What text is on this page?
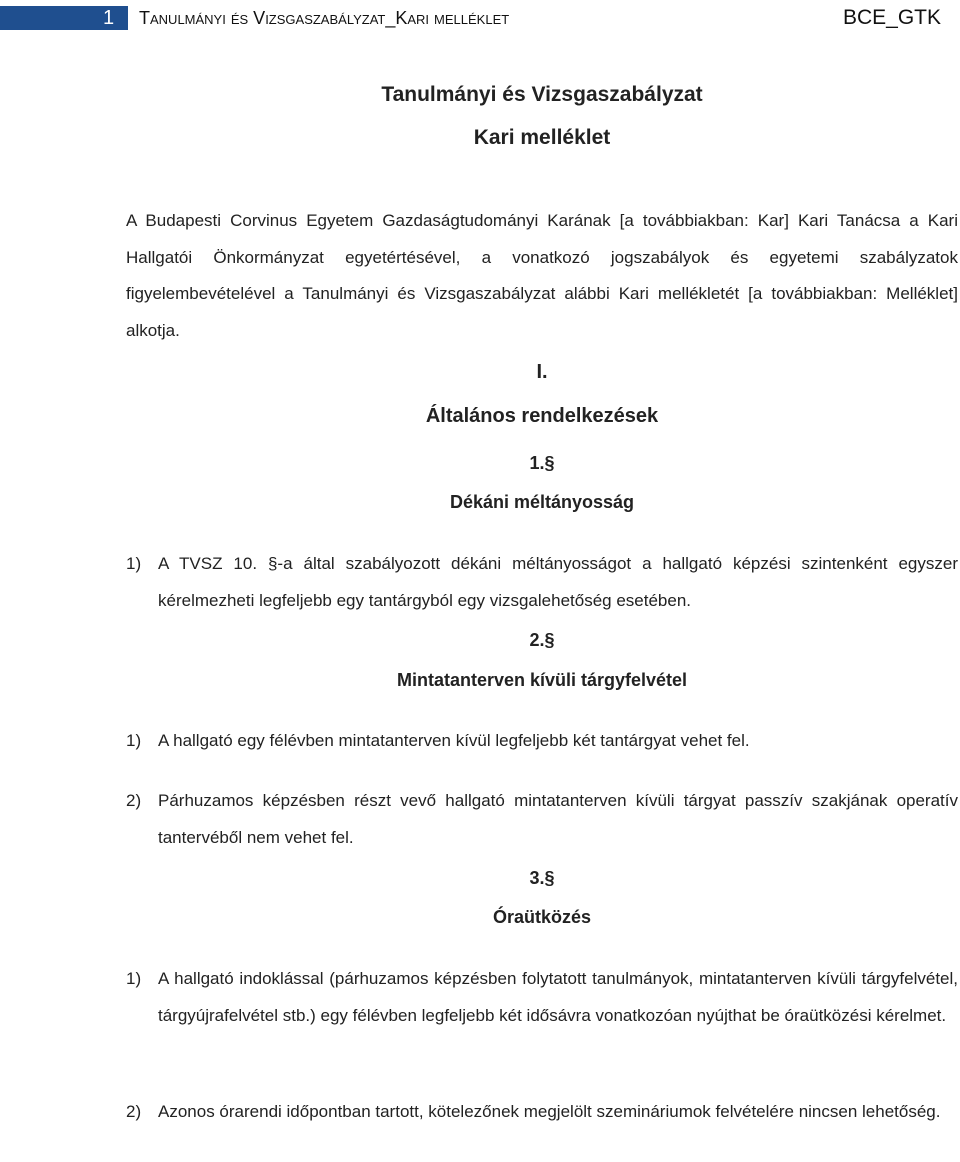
1 Tanulmányi és Vizsgaszabályzat_Kari melléklet	BCE_GTK
Tanulmányi és Vizsgaszabályzat
Kari melléklet
A Budapesti Corvinus Egyetem Gazdaságtudományi Karának [a továbbiakban: Kar] Kari Tanácsa a Kari Hallgatói Önkormányzat egyetértésével, a vonatkozó jogszabályok és egyetemi szabályzatok figyelembevételével a Tanulmányi és Vizsgaszabályzat alábbi Kari mellékletét [a továbbiakban: Melléklet] alkotja.
I.
Általános rendelkezések
1.§
Dékáni méltányosság
1) A TVSZ 10. §-a által szabályozott dékáni méltányosságot a hallgató képzési szintenként egyszer kérelmezheti legfeljebb egy tantárgyból egy vizsgalehetőség esetében.
2.§
Mintatanterven kívüli tárgyfelvétel
1) A hallgató egy félévben mintatanterven kívül legfeljebb két tantárgyat vehet fel.
2) Párhuzamos képzésben részt vevő hallgató mintatanterven kívüli tárgyat passzív szakjának operatív tantervéből nem vehet fel.
3.§
Óraütközés
1) A hallgató indoklással (párhuzamos képzésben folytatott tanulmányok, mintatanterven kívüli tárgyfelvétel, tárgyújrafelvétel stb.) egy félévben legfeljebb két idősávra vonatkozóan nyújthat be óraütközési kérelmet.
2) Azonos órarendi időpontban tartott, kötelezőnek megjelölt szemináriumok felvételére nincsen lehetőség.
